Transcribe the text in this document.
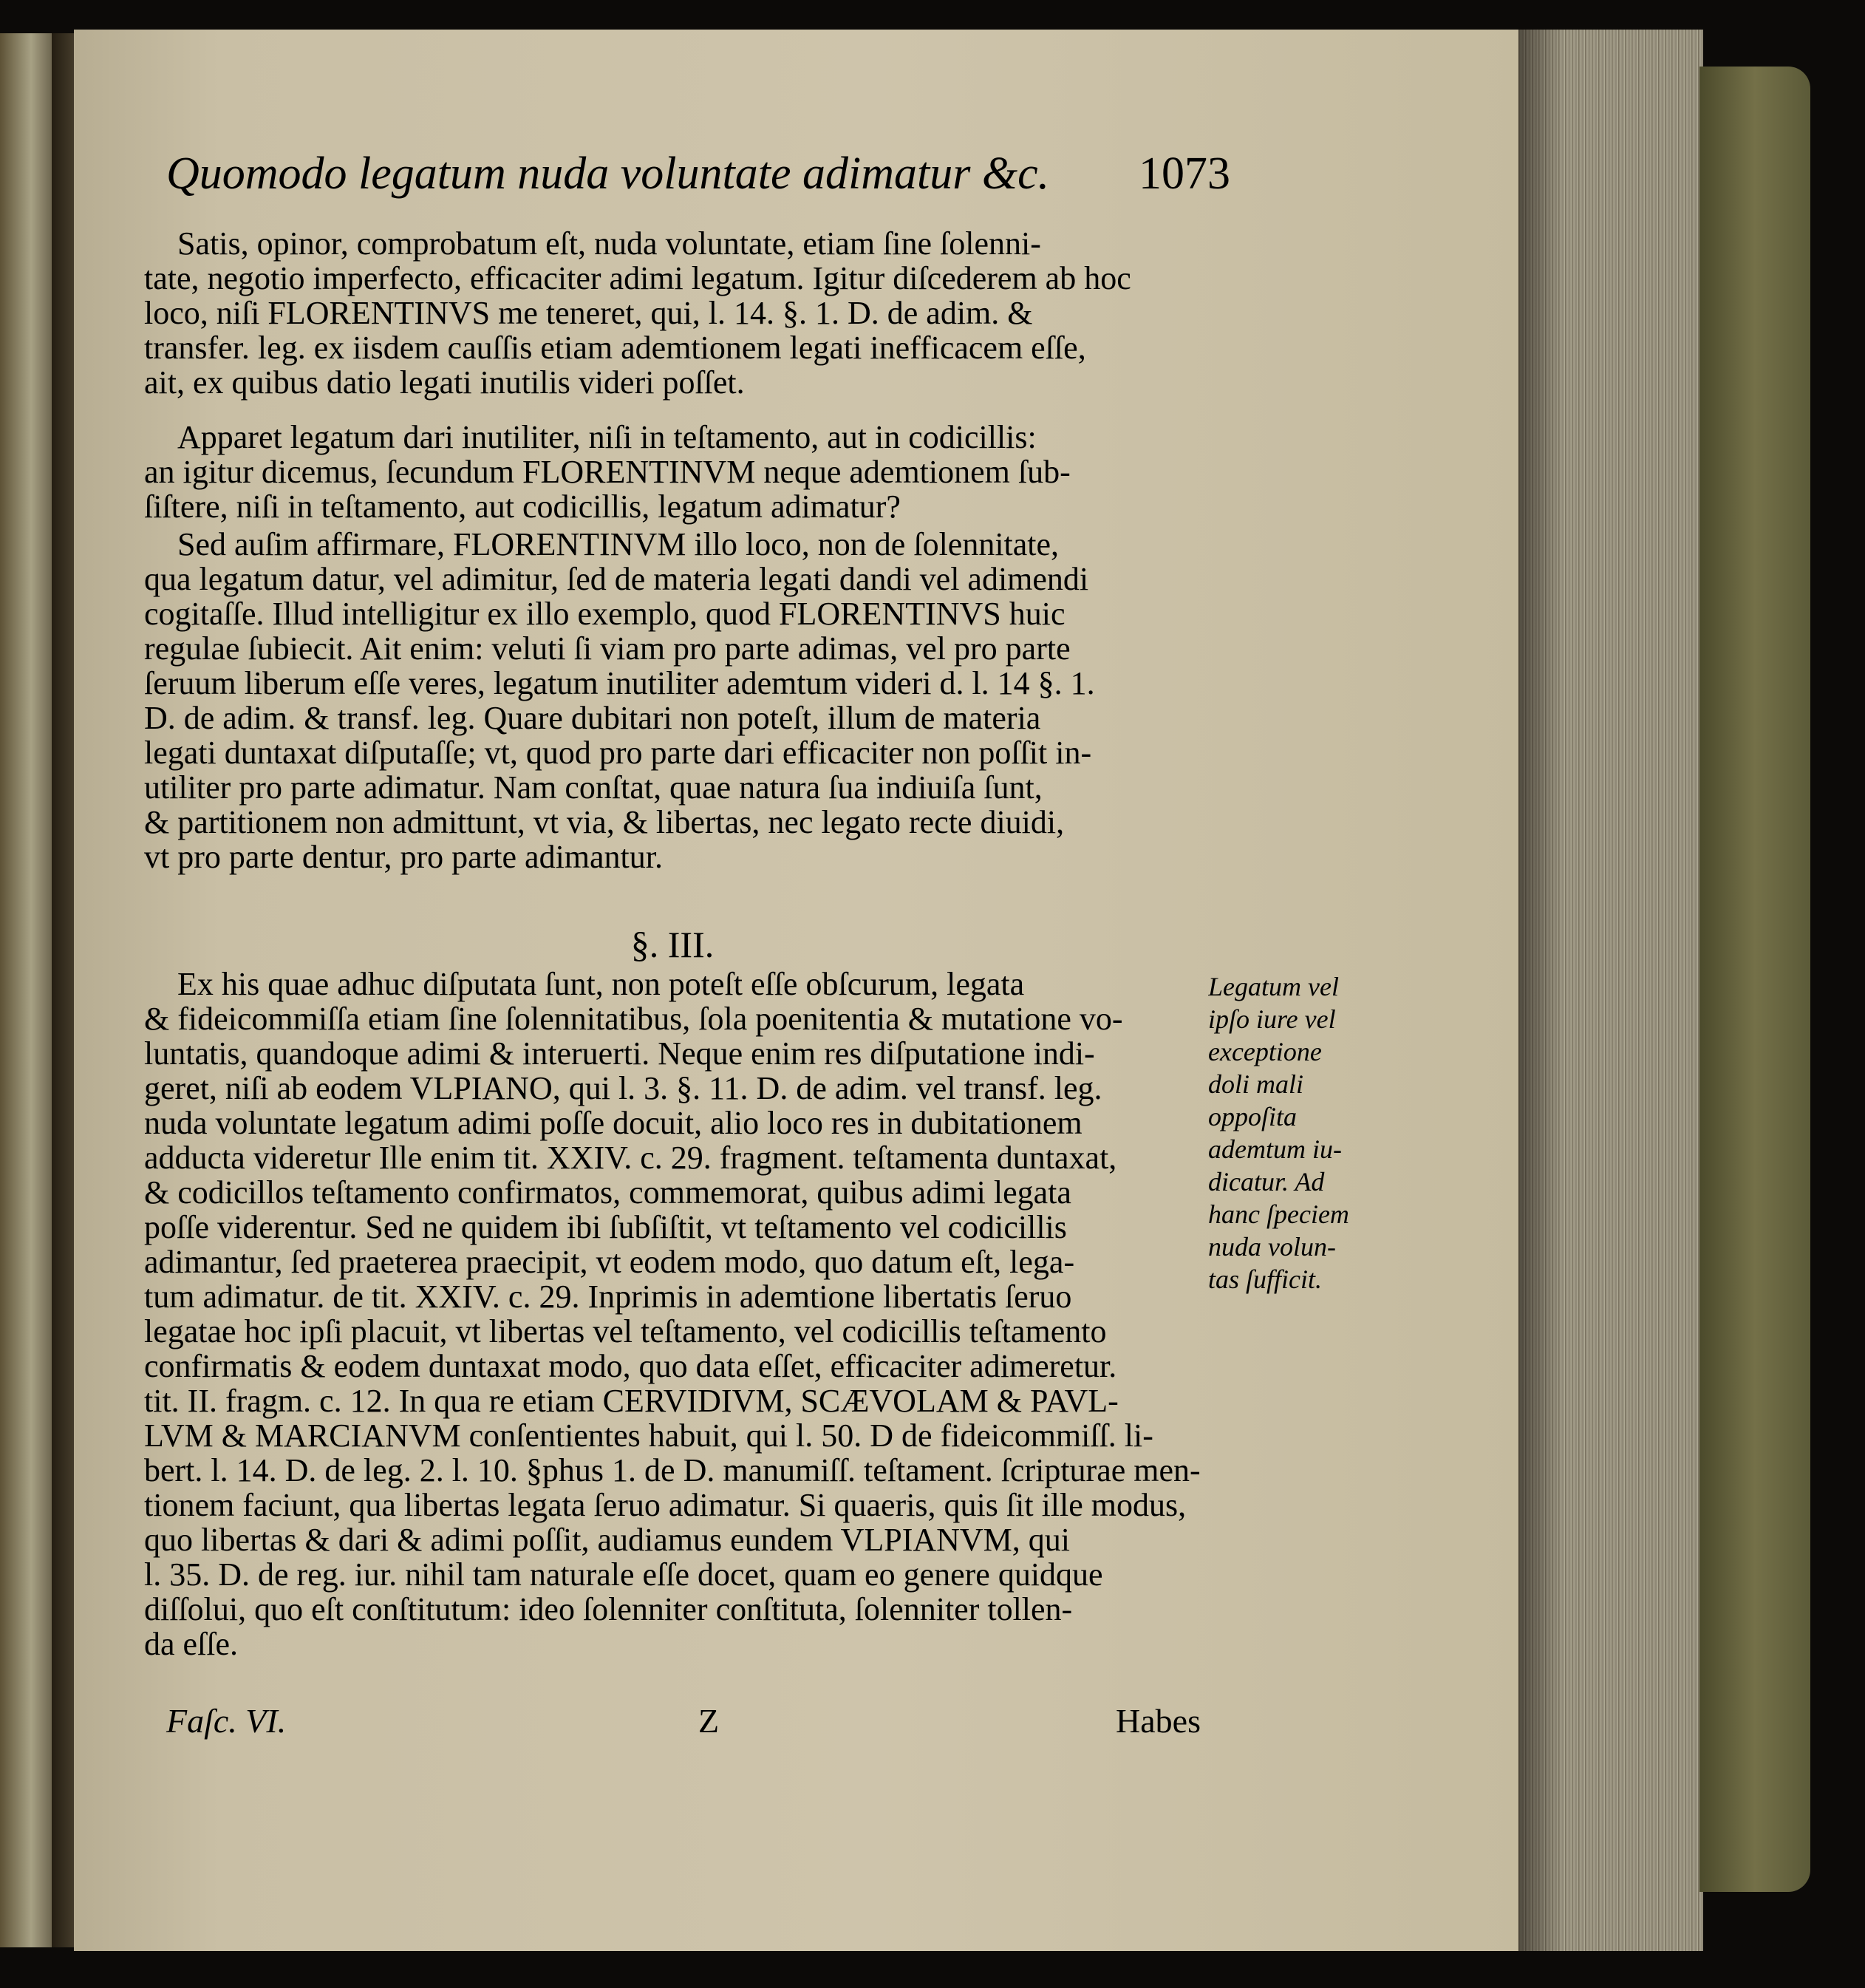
Quomodo legatum nuda voluntate adimatur &c. 1073
Satis, opinor, comprobatum eſt, nuda voluntate, etiam ſine ſolenni-
tate, negotio imperfecto, efficaciter adimi legatum. Igitur diſcederem ab hoc
loco, niſi FLORENTINVS me teneret, qui, l. 14. §. 1. D. de adim. &
transfer. leg. ex iisdem cauſſis etiam ademtionem legati inefficacem eſſe,
ait, ex quibus datio legati inutilis videri poſſet.
Apparet legatum dari inutiliter, niſi in teſtamento, aut in codicillis:
an igitur dicemus, ſecundum FLORENTINVM neque ademtionem ſub-
ſiſtere, niſi in teſtamento, aut codicillis, legatum adimatur?
Sed auſim affirmare, FLORENTINVM illo loco, non de ſolennitate,
qua legatum datur, vel adimitur, ſed de materia legati dandi vel adimendi
cogitaſſe. Illud intelligitur ex illo exemplo, quod FLORENTINVS huic
regulae ſubiecit. Ait enim: veluti ſi viam pro parte adimas, vel pro parte
ſeruum liberum eſſe veres, legatum inutiliter ademtum videri d. l. 14 §. 1.
D. de adim. & transf. leg. Quare dubitari non poteſt, illum de materia
legati duntaxat diſputaſſe; vt, quod pro parte dari efficaciter non poſſit in-
utiliter pro parte adimatur. Nam conſtat, quae natura ſua indiuiſa ſunt,
& partitionem non admittunt, vt via, & libertas, nec legato recte diuidi,
vt pro parte dentur, pro parte adimantur.
§. III.
Ex his quae adhuc diſputata ſunt, non poteſt eſſe obſcurum, legata
& fideicommiſſa etiam ſine ſolennitatibus, ſola poenitentia & mutatione vo-
luntatis, quandoque adimi & interuerti. Neque enim res diſputatione indi-
geret, niſi ab eodem VLPIANO, qui l. 3. §. 11. D. de adim. vel transf. leg.
nuda voluntate legatum adimi poſſe docuit, alio loco res in dubitationem
adducta videretur Ille enim tit. XXIV. c. 29. fragment. teſtamenta duntaxat,
& codicillos teſtamento confirmatos, commemorat, quibus adimi legata
poſſe viderentur. Sed ne quidem ibi ſubſiſtit, vt teſtamento vel codicillis
adimantur, ſed praeterea praecipit, vt eodem modo, quo datum eſt, lega-
tum adimatur. de tit. XXIV. c. 29. Inprimis in ademtione libertatis ſeruo
legatae hoc ipſi placuit, vt libertas vel teſtamento, vel codicillis teſtamento
confirmatis & eodem duntaxat modo, quo data eſſet, efficaciter adimeretur.
tit. II. fragm. c. 12. In qua re etiam CERVIDIVM, SCÆVOLAM & PAVL-
LVM & MARCIANVM conſentientes habuit, qui l. 50. D de fideicommiſſ. li-
bert. l. 14. D. de leg. 2. l. 10. §phus 1. de D. manumiſſ. teſtament. ſcripturae men-
tionem faciunt, qua libertas legata ſeruo adimatur. Si quaeris, quis ſit ille modus,
quo libertas & dari & adimi poſſit, audiamus eundem VLPIANVM, qui
l. 35. D. de reg. iur. nihil tam naturale eſſe docet, quam eo genere quidque
diſſolui, quo eſt conſtitutum: ideo ſolenniter conſtituta, ſolenniter tollen-
da eſſe.
Legatum vel
ipſo iure vel
exceptione
doli mali
oppoſita
ademtum iu-
dicatur. Ad
hanc ſpeciem
nuda volun-
tas ſufficit.
Faſc. VI.	Z	Habes
